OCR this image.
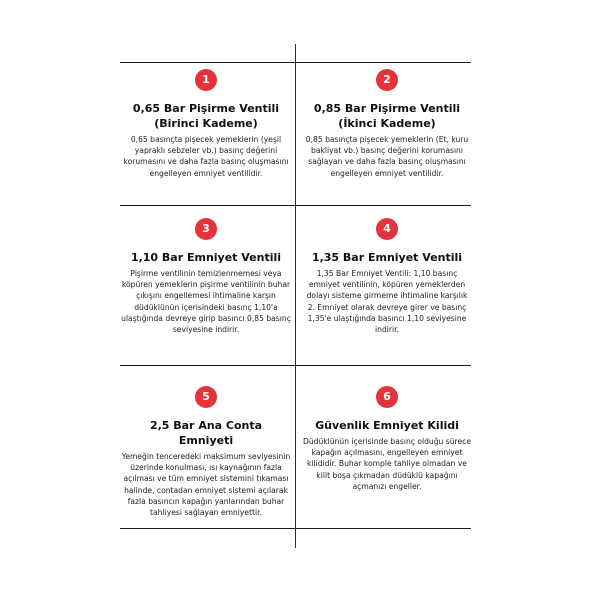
1
0,65 Bar Pişirme Ventili (Birinci Kademe)
0,65 basınçta pişecek yemeklerin (yeşil yapraklı sebzeler vb.) basınç değerini korumasını ve daha fazla basınç oluşmasını engelleyen emniyet ventilidir.
2
0,85 Bar Pişirme Ventili (İkinci Kademe)
0,85 basınçta pişecek yemeklerin (Et, kuru bakliyat vb.) basınç değerini korumasını sağlayan ve daha fazla basınç oluşmasını engelleyen emniyet ventilidir.
3
1,10 Bar Emniyet Ventili
Pişirme ventilinin temizlenmemesi veya köpüren yemeklerin pişirme ventilinin buhar çıkışını engellemesi ihtimaline karşın düdüklünün içerisindeki basınç 1,10'a ulaştığında devreye girip basıncı 0,85 basınç seviyesine indirir.
4
1,35 Bar Emniyet Ventili
1,35 Bar Emniyet Ventili: 1,10 basınç emniyet ventilinin, köpüren yemeklerden dolayı sisteme girmeme ihtimaline karşılık 2. Emniyet olarak devreye girer ve basınç 1,35'e ulaştığında basıncı 1,10 seviyesine indirir.
5
2,5 Bar Ana Conta Emniyeti
Yemeğin tenceredeki maksimum seviyesinin üzerinde konulması, ısı kaynağının fazla açılması ve tüm emniyet sistemini tıkaması halinde, contadan emniyet sistemi açılarak fazla basıncın kapağın yanlarından buhar tahliyesi sağlayan emniyettir.
6
Güvenlik Emniyet Kilidi
Düdüklünün içerisinde basınç olduğu sürece kapağın açılmasını, engelleyen emniyet kilididir. Buhar komple tahliye olmadan ve kilit boşa çıkmadan düdüklü kapağını açmanızı engeller.
